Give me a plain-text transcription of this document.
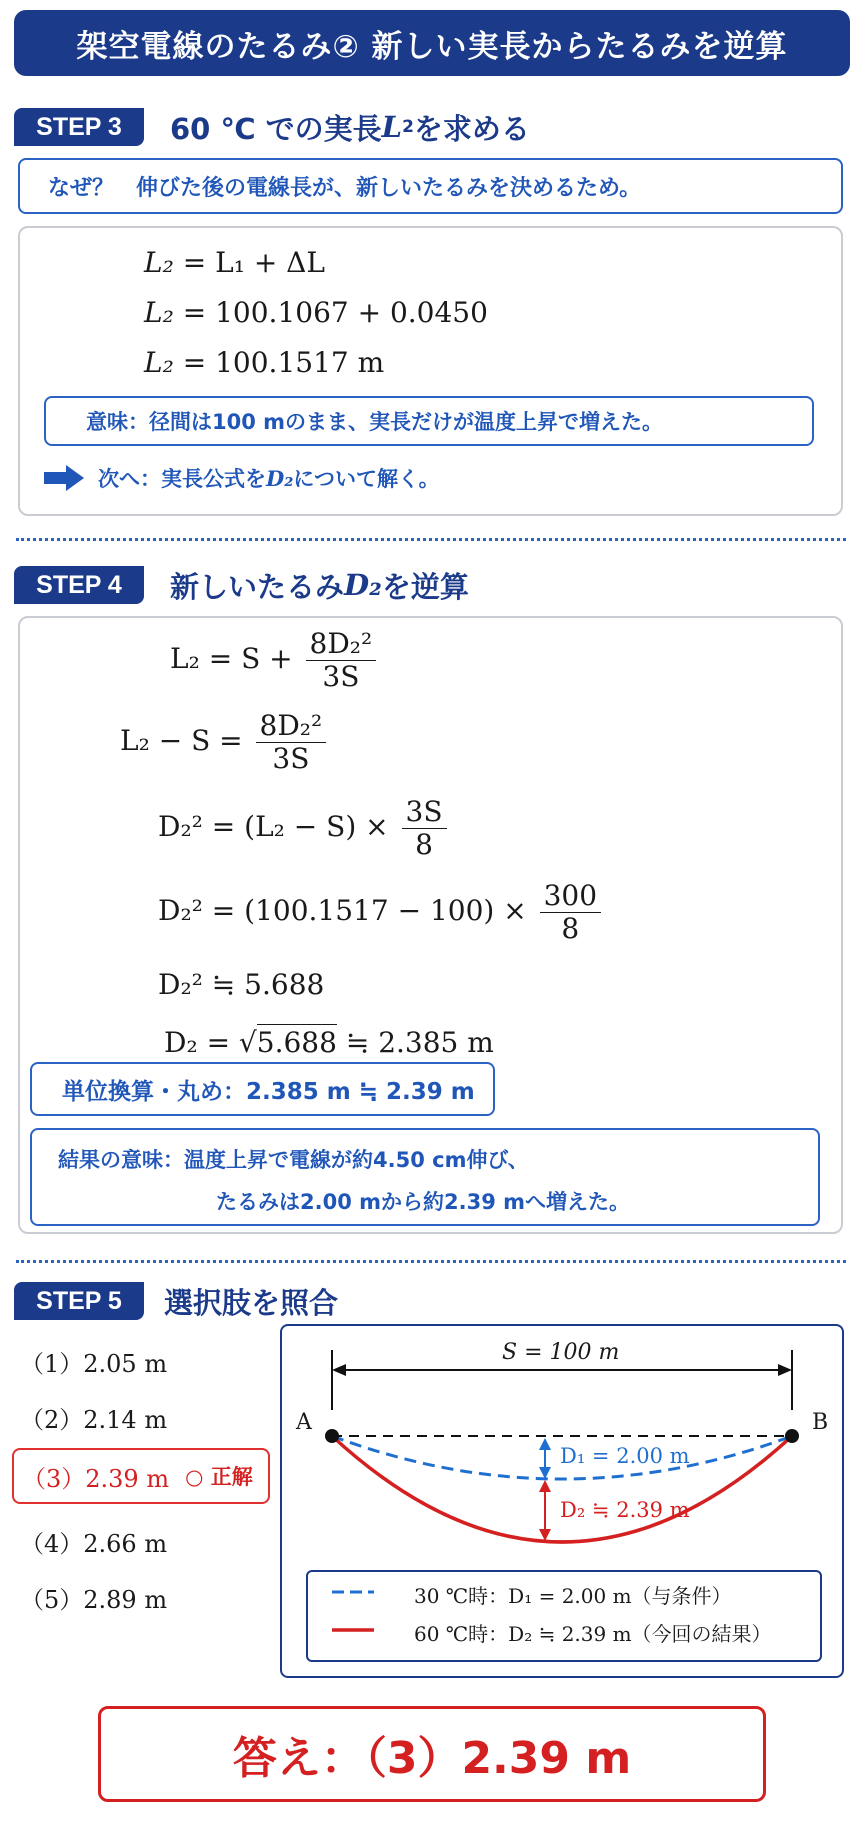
架空電線のたるみ② 新しい実長からたるみを逆算
STEP 3	60 ℃ での実長 L 2 を求める
なぜ？　伸びた後の電線長が、新しいたるみを決めるため。
L₂ = L₁ + ΔL
L₂ = 100.1067 + 0.0450
L₂ = 100.1517 m
意味：径間は100 mのまま、実長だけが温度上昇で増えた。
次へ：実長公式を D₂ について解く。
STEP 4	新しいたるみ D₂ を逆算
$L_2 = S + \frac{\text{8D₂²}}{3S}$
$L_2 - S = \frac{\text{8D₂²}}{3S}$
$D_2^2 = (L_2 - S) \times \frac{3S}{8}$
$D_2^2 = (100.1517 - 100) \times \frac{300}{8}$
D₂² ≒ 5.688
D₂ = √5.688 ≒ 2.385 m
単位換算・丸め：2.385 m ≒ 2.39 m
結果の意味：温度上昇で電線が約4.50 cm伸び、
たるみは2.00 mから約2.39 mへ増えた。
STEP 5	選択肢を照合
（1）2.05 m
（2）2.14 m
（3）2.39 m ○ 正解
（4）2.66 m
（5）2.89 m
S = 100 m
A	B
D₁ = 2.00 m
D₂ ≒ 2.39 m
30 ℃時：D₁ = 2.00 m（与条件）
60 ℃時：D₂ ≒ 2.39 m（今回の結果）
答え：（3）2.39 m
